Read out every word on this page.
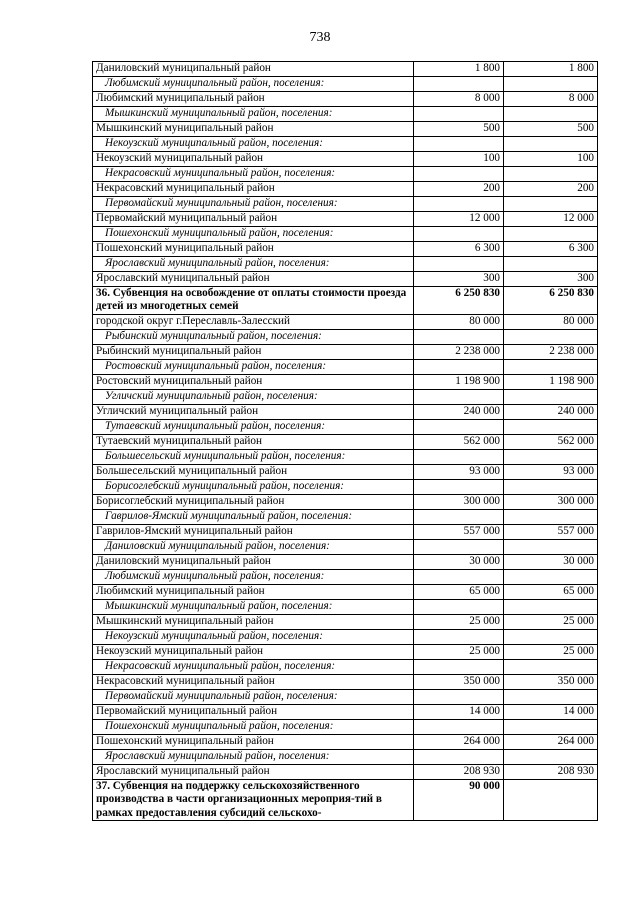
738
Даниловский муниципальный район	1 800	1 800
Любимский муниципальный район, поселения:		
Любимский муниципальный район	8 000	8 000
Мышкинский муниципальный район, поселения:		
Мышкинский муниципальный район	500	500
Некоузский муниципальный район, поселения:		
Некоузский муниципальный район	100	100
Некрасовский муниципальный район, поселения:		
Некрасовский муниципальный район	200	200
Первомайский муниципальный район, поселения:		
Первомайский муниципальный район	12 000	12 000
Пошехонский муниципальный район, поселения:		
Пошехонский муниципальный район	6 300	6 300
Ярославский муниципальный район, поселения:		
Ярославский муниципальный район	300	300
36. Субвенция на освобождение от оплаты стоимости проезда детей из многодетных семей	6 250 830	6 250 830
городской округ г.Переславль-Залесский	80 000	80 000
Рыбинский муниципальный район, поселения:		
Рыбинский муниципальный район	2 238 000	2 238 000
Ростовский муниципальный район, поселения:		
Ростовский муниципальный район	1 198 900	1 198 900
Угличский муниципальный район, поселения:		
Угличский муниципальный район	240 000	240 000
Тутаевский муниципальный район, поселения:		
Тутаевский муниципальный район	562 000	562 000
Большесельский муниципальный район, поселения:		
Большесельский муниципальный район	93 000	93 000
Борисоглебский муниципальный район, поселения:		
Борисоглебский муниципальный район	300 000	300 000
Гаврилов-Ямский муниципальный район, поселения:		
Гаврилов-Ямский муниципальный район	557 000	557 000
Даниловский муниципальный район, поселения:		
Даниловский муниципальный район	30 000	30 000
Любимский муниципальный район, поселения:		
Любимский муниципальный район	65 000	65 000
Мышкинский муниципальный район, поселения:		
Мышкинский муниципальный район	25 000	25 000
Некоузский муниципальный район, поселения:		
Некоузский муниципальный район	25 000	25 000
Некрасовский муниципальный район, поселения:		
Некрасовский муниципальный район	350 000	350 000
Первомайский муниципальный район, поселения:		
Первомайский муниципальный район	14 000	14 000
Пошехонский муниципальный район, поселения:		
Пошехонский муниципальный район	264 000	264 000
Ярославский муниципальный район, поселения:		
Ярославский муниципальный район	208 930	208 930
37. Субвенция на поддержку сельскохозяйственного производства в части организационных мероприя-тий в рамках предоставления субсидий сельскохо-	90 000	
